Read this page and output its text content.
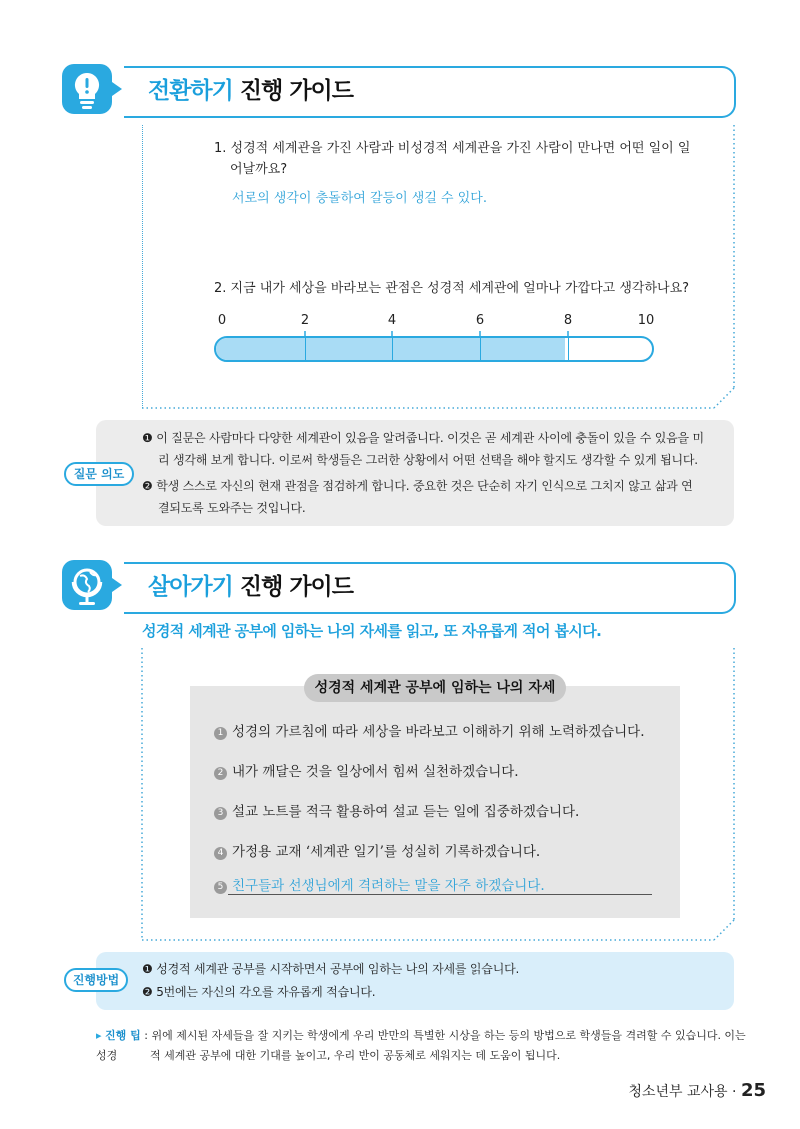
전환하기 진행 가이드
1. 성경적 세계관을 가진 사람과 비성경적 세계관을 가진 사람이 만나면 어떤 일이 일
어날까요?
서로의 생각이 충돌하여 갈등이 생길 수 있다.
2. 지금 내가 세상을 바라보는 관점은 성경적 세계관에 얼마나 가깝다고 생각하나요?
0	2	4	6	8	10
질문 의도
❶ 이 질문은 사람마다 다양한 세계관이 있음을 알려줍니다. 이것은 곧 세계관 사이에 충돌이 있을 수 있음을 미
리 생각해 보게 합니다. 이로써 학생들은 그러한 상황에서 어떤 선택을 해야 할지도 생각할 수 있게 됩니다.
❷ 학생 스스로 자신의 현재 관점을 점검하게 합니다. 중요한 것은 단순히 자기 인식으로 그치지 않고 삶과 연
결되도록 도와주는 것입니다.
살아가기 진행 가이드
성경적 세계관 공부에 임하는 나의 자세를 읽고, 또 자유롭게 적어 봅시다.
성경적 세계관 공부에 임하는 나의 자세
1 성경의 가르침에 따라 세상을 바라보고 이해하기 위해 노력하겠습니다.
2 내가 깨달은 것을 일상에서 힘써 실천하겠습니다.
3 설교 노트를 적극 활용하여 설교 듣는 일에 집중하겠습니다.
4 가정용 교재 ‘세계관 일기’를 성실히 기록하겠습니다.
5 친구들과 선생님에게 격려하는 말을 자주 하겠습니다.
진행방법
❶ 성경적 세계관 공부를 시작하면서 공부에 임하는 나의 자세를 읽습니다.
❷ 5번에는 자신의 각오를 자유롭게 적습니다.
▸ 진행 팁 : 위에 제시된 자세들을 잘 지키는 학생에게 우리 반만의 특별한 시상을 하는 등의 방법으로 학생들을 격려할 수 있습니다. 이는 성경	적 세계관 공부에 대한 기대를 높이고, 우리 반이 공동체로 세워지는 데 도움이 됩니다.
청소년부 교사용 · 25
